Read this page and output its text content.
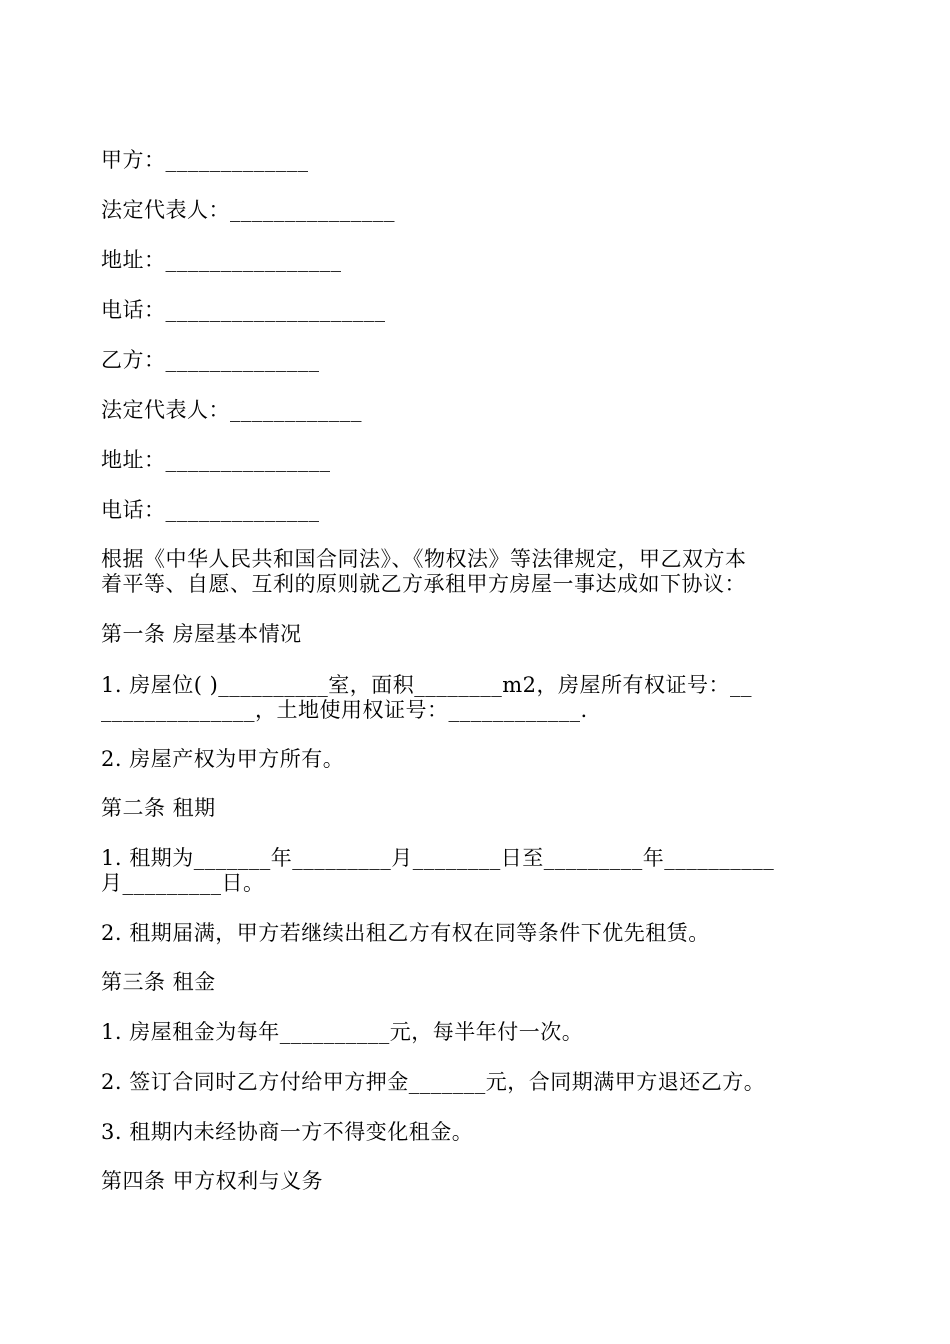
甲方：_____________
法定代表人：_______________
地址：________________
电话：____________________
乙方：______________
法定代表人：____________
地址：_______________
电话：______________
根据《中华人民共和国合同法》、《物权法》等法律规定，甲乙双方本
着平等、自愿、互利的原则就乙方承租甲方房屋一事达成如下协议：
第一条 房屋基本情况
1. 房屋位( )__________室，面积________m2，房屋所有权证号：__
______________，土地使用权证号：____________.
2. 房屋产权为甲方所有。
第二条 租期
1. 租期为_______年_________月________日至_________年__________
月_________日。
2. 租期届满，甲方若继续出租乙方有权在同等条件下优先租赁。
第三条 租金
1. 房屋租金为每年__________元，每半年付一次。
2. 签订合同时乙方付给甲方押金_______元，合同期满甲方退还乙方。
3. 租期内未经协商一方不得变化租金。
第四条 甲方权利与义务
